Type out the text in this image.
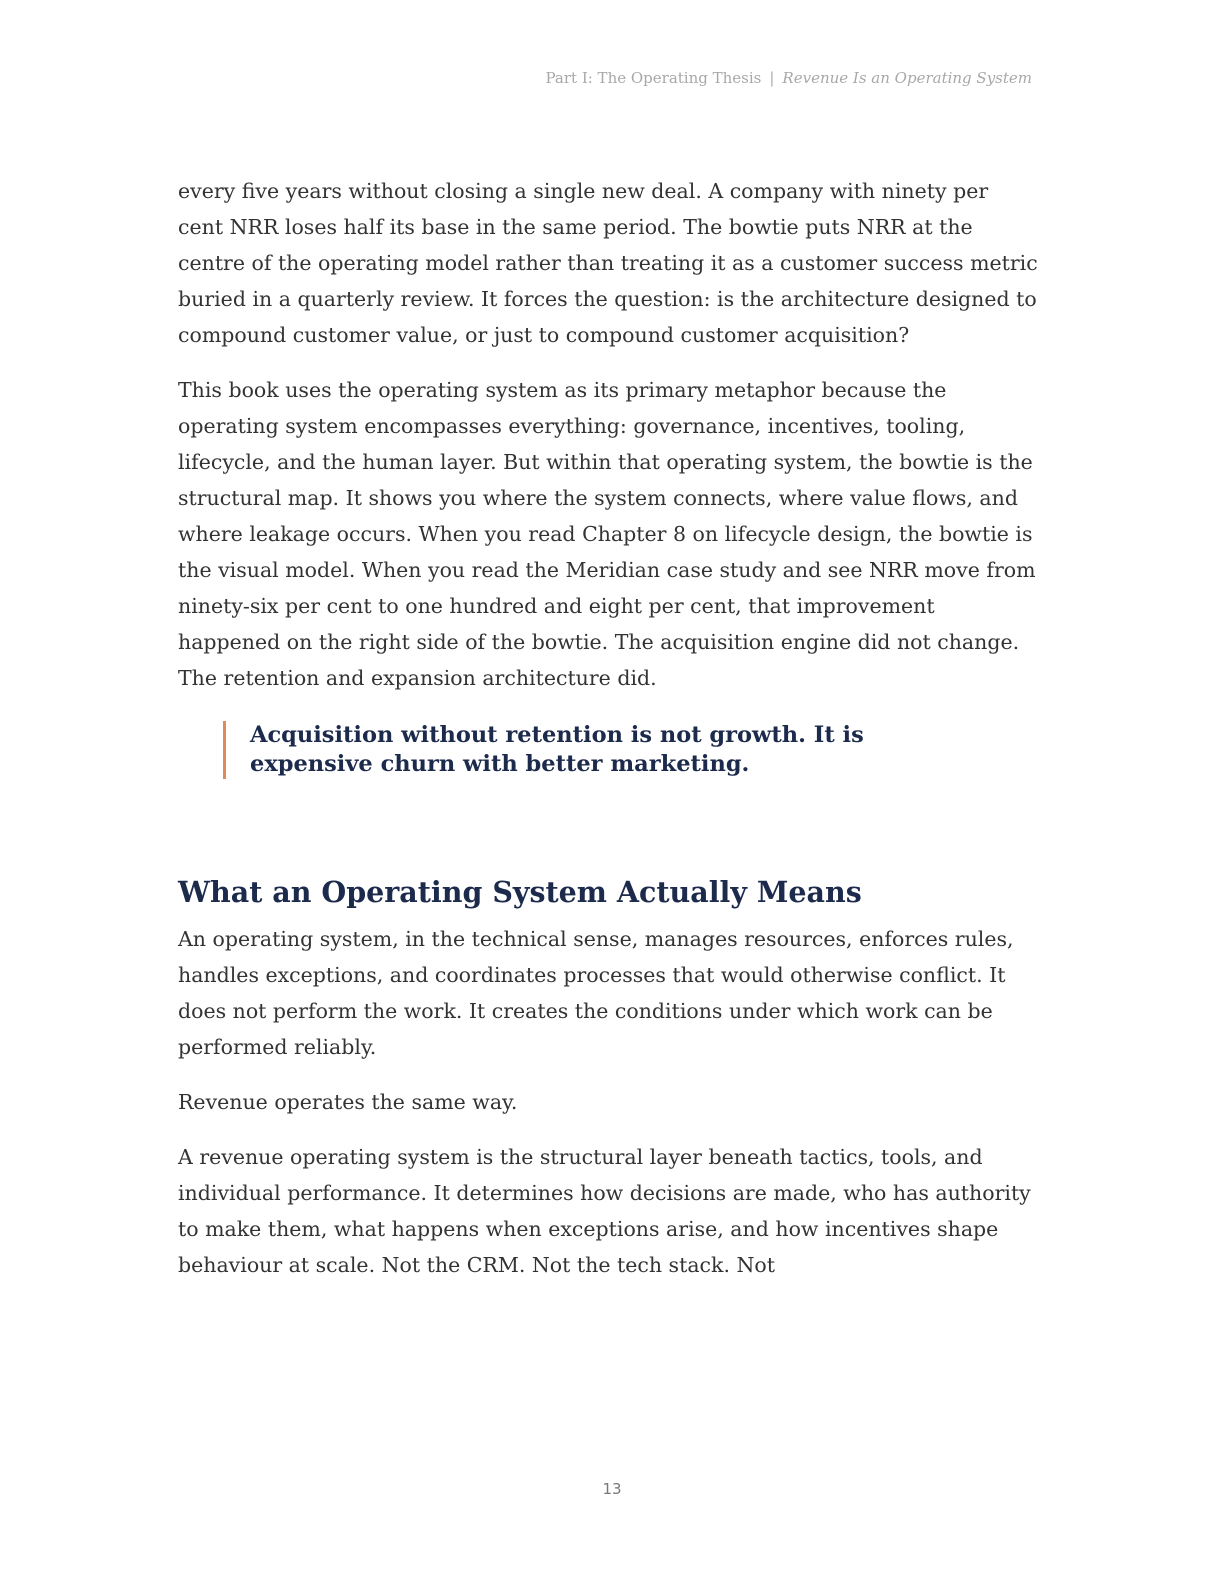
Part I: The Operating Thesis | Revenue Is an Operating System

every five years without closing a single new deal. A company with ninety per cent NRR loses half its base in the same period. The bowtie puts NRR at the centre of the operating model rather than treating it as a customer success metric buried in a quarterly review. It forces the question: is the architecture designed to compound customer value, or just to compound customer acquisition?

This book uses the operating system as its primary metaphor because the operating system encompasses everything: governance, incentives, tooling, lifecycle, and the human layer. But within that operating system, the bowtie is the structural map. It shows you where the system connects, where value flows, and where leakage occurs. When you read Chapter 8 on lifecycle design, the bowtie is the visual model. When you read the Meridian case study and see NRR move from ninety-six per cent to one hundred and eight per cent, that improvement happened on the right side of the bowtie. The acquisition engine did not change. The retention and expansion architecture did.

Acquisition without retention is not growth. It is expensive churn with better marketing.
What an Operating System Actually Means

An operating system, in the technical sense, manages resources, enforces rules, handles exceptions, and coordinates processes that would otherwise conflict. It does not perform the work. It creates the conditions under which work can be performed reliably.

Revenue operates the same way.

A revenue operating system is the structural layer beneath tactics, tools, and individual performance. It determines how decisions are made, who has authority to make them, what happens when exceptions arise, and how incentives shape behaviour at scale. Not the CRM. Not the tech stack. Not

13
